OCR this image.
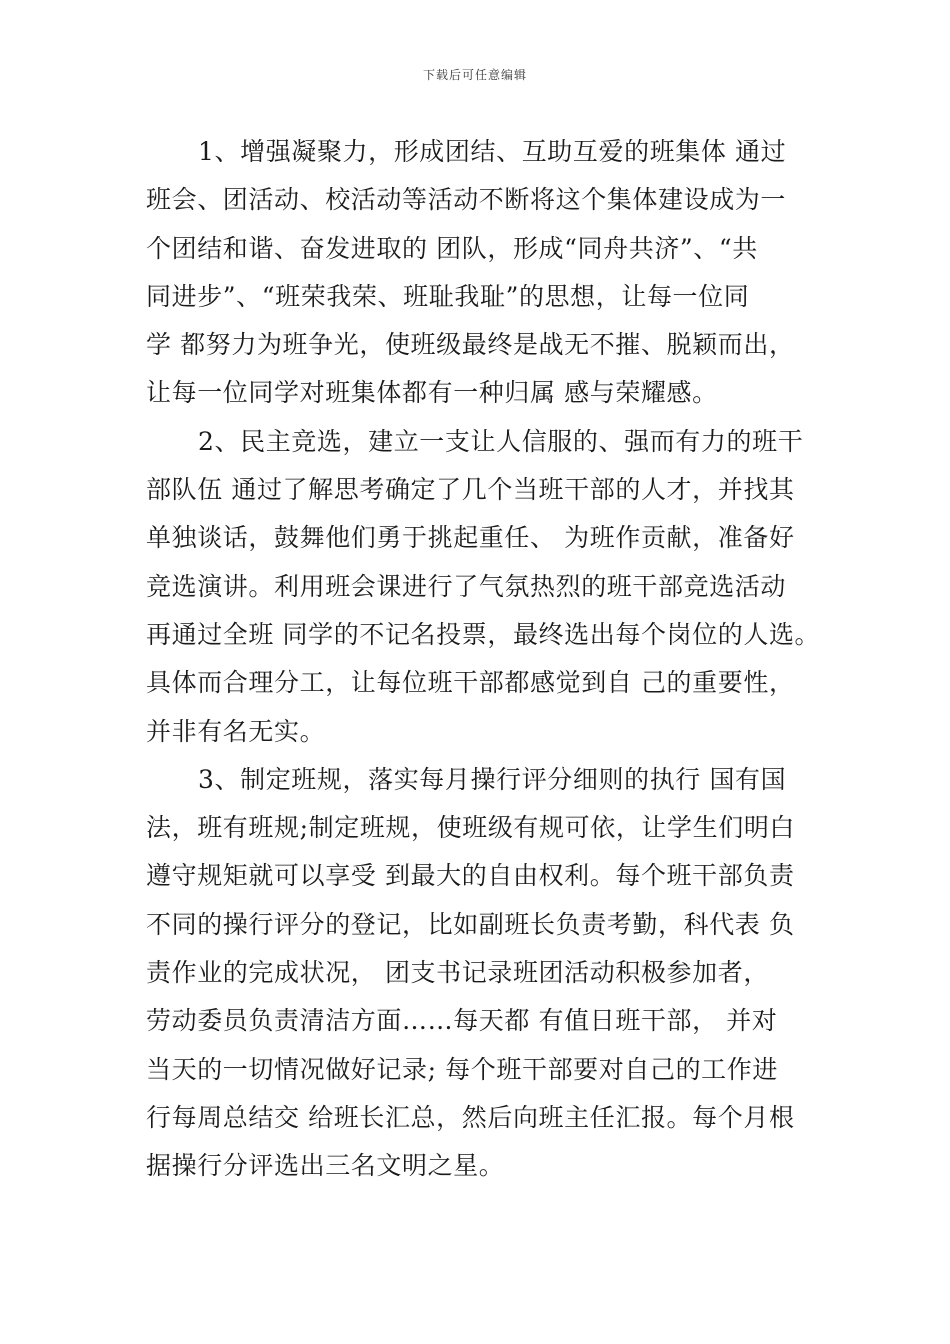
下载后可任意编辑

1、增强凝聚力，形成团结、互助互爱的班集体 通过
班会、团活动、校活动等活动不断将这个集体建设成为一
个团结和谐、奋发进取的 团队，形成“同舟共济”、“共
同进步”、“班荣我荣、班耻我耻”的思想，让每一位同
学 都努力为班争光，使班级最终是战无不摧、脱颖而出，
让每一位同学对班集体都有一种归属 感与荣耀感。

2、民主竞选，建立一支让人信服的、强而有力的班干
部队伍 通过了解思考确定了几个当班干部的人才，并找其
单独谈话，鼓舞他们勇于挑起重任、 为班作贡献，准备好
竞选演讲。利用班会课进行了气氛热烈的班干部竞选活动
再通过全班 同学的不记名投票，最终选出每个岗位的人选。
具体而合理分工，让每位班干部都感觉到自 己的重要性，
并非有名无实。

3、制定班规，落实每月操行评分细则的执行 国有国
法，班有班规;制定班规，使班级有规可依，让学生们明白
遵守规矩就可以享受 到最大的自由权利。每个班干部负责
不同的操行评分的登记，比如副班长负责考勤，科代表 负
责作业的完成状况， 团支书记录班团活动积极参加者，
劳动委员负责清洁方面……每天都 有值日班干部， 并对
当天的一切情况做好记录; 每个班干部要对自己的工作进
行每周总结交 给班长汇总，然后向班主任汇报。每个月根
据操行分评选出三名文明之星。
